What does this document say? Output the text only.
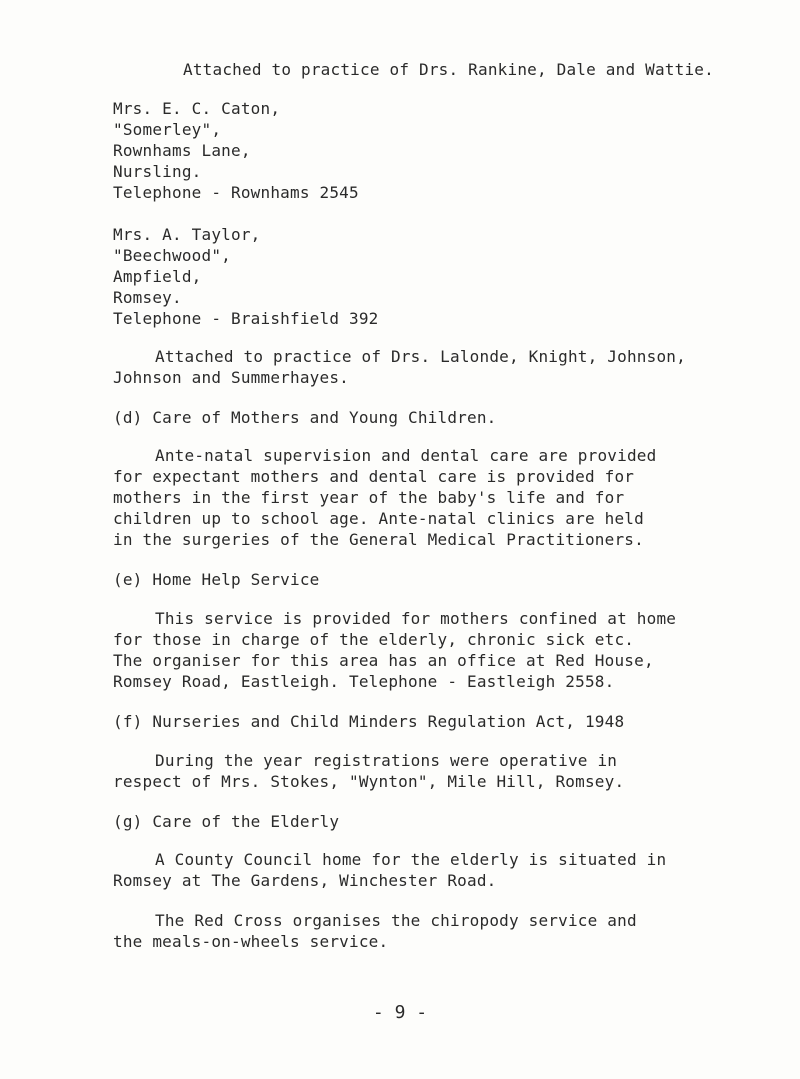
Attached to practice of Drs. Rankine, Dale and Wattie.
Mrs. E. C. Caton,
"Somerley",
Rownhams Lane,
Nursling.
Telephone - Rownhams 2545
Mrs. A. Taylor,
"Beechwood",
Ampfield,
Romsey.
Telephone - Braishfield 392
Attached to practice of Drs. Lalonde, Knight, Johnson,
Johnson and Summerhayes.
(d) Care of Mothers and Young Children.
Ante-natal supervision and dental care are provided
for expectant mothers and dental care is provided for
mothers in the first year of the baby's life and for
children up to school age. Ante-natal clinics are held
in the surgeries of the General Medical Practitioners.
(e) Home Help Service
This service is provided for mothers confined at home
for those in charge of the elderly, chronic sick etc.
The organiser for this area has an office at Red House,
Romsey Road, Eastleigh. Telephone - Eastleigh 2558.
(f) Nurseries and Child Minders Regulation Act, 1948
During the year registrations were operative in
respect of Mrs. Stokes, "Wynton", Mile Hill, Romsey.
(g) Care of the Elderly
A County Council home for the elderly is situated in
Romsey at The Gardens, Winchester Road.
The Red Cross organises the chiropody service and
the meals-on-wheels service.
- 9 -
